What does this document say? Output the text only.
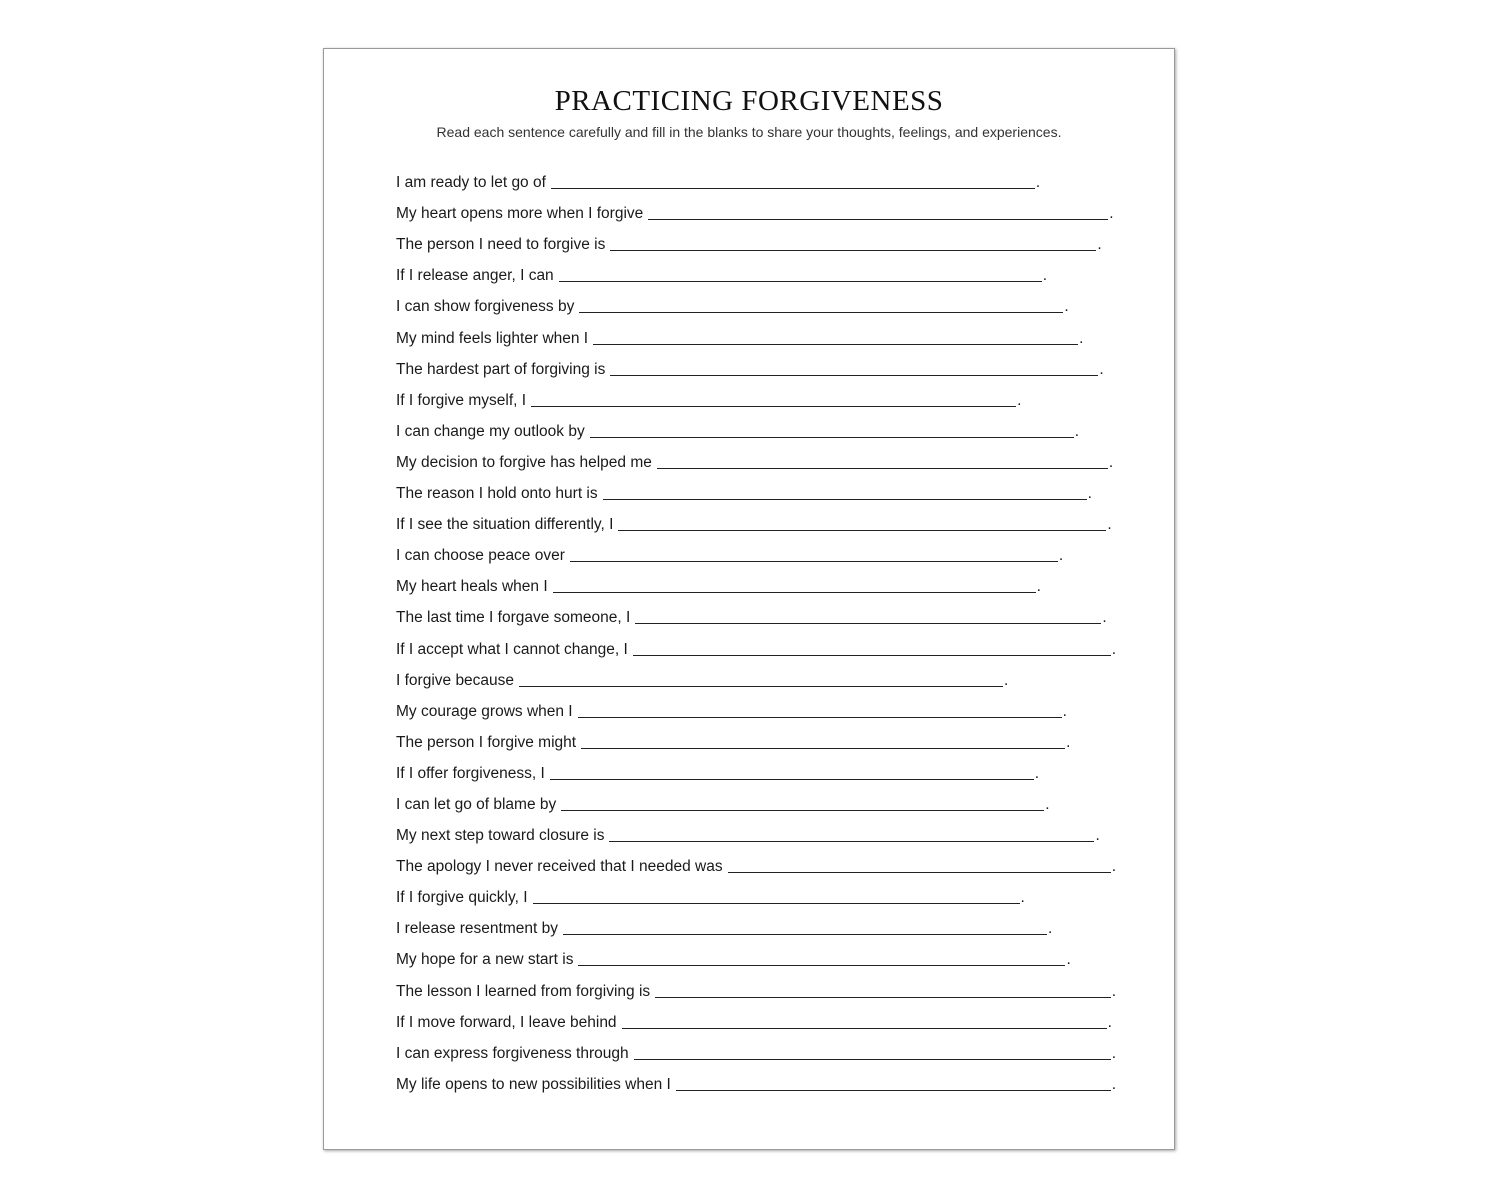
PRACTICING FORGIVENESS

Read each sentence carefully and fill in the blanks to share your thoughts, feelings, and experiences.

I am ready to let go of	.
My heart opens more when I forgive	.
The person I need to forgive is	.
If I release anger, I can	.
I can show forgiveness by	.
My mind feels lighter when I	.
The hardest part of forgiving is	.
If I forgive myself, I	.
I can change my outlook by	.
My decision to forgive has helped me	.
The reason I hold onto hurt is	.
If I see the situation differently, I	.
I can choose peace over	.
My heart heals when I	.
The last time I forgave someone, I	.
If I accept what I cannot change, I	.
I forgive because	.
My courage grows when I	.
The person I forgive might	.
If I offer forgiveness, I	.
I can let go of blame by	.
My next step toward closure is	.
The apology I never received that I needed was	.
If I forgive quickly, I	.
I release resentment by	.
My hope for a new start is	.
The lesson I learned from forgiving is	.
If I move forward, I leave behind	.
I can express forgiveness through	.
My life opens to new possibilities when I	.
